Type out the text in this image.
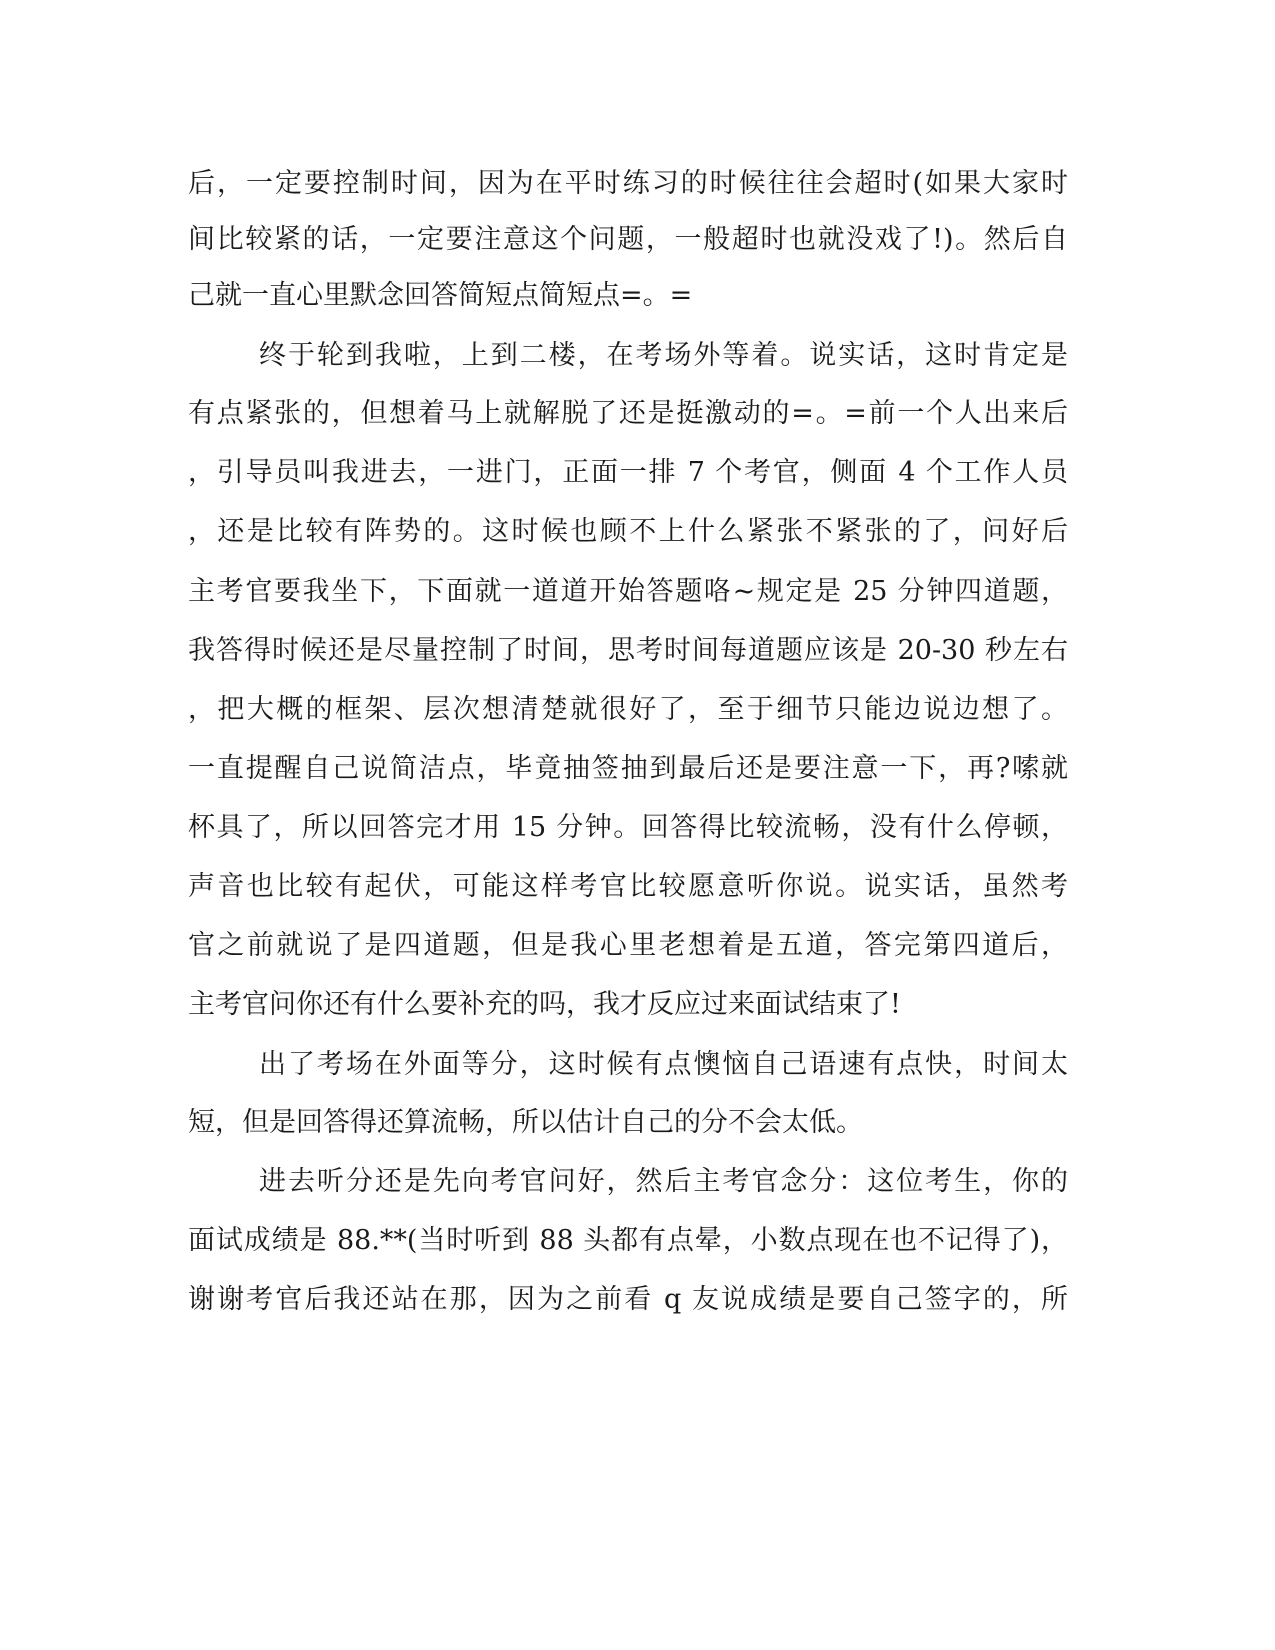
后，一定要控制时间，因为在平时练习的时候往往会超时(如果大家时
间比较紧的话，一定要注意这个问题，一般超时也就没戏了!)。然后自
己就一直心里默念回答简短点简短点=。=
终于轮到我啦，上到二楼，在考场外等着。说实话，这时肯定是
有点紧张的，但想着马上就解脱了还是挺激动的=。=前一个人出来后
，引导员叫我进去，一进门，正面一排 7 个考官，侧面 4 个工作人员
，还是比较有阵势的。这时候也顾不上什么紧张不紧张的了，问好后
主考官要我坐下，下面就一道道开始答题咯~规定是 25 分钟四道题，
我答得时候还是尽量控制了时间，思考时间每道题应该是 20-30 秒左右
，把大概的框架、层次想清楚就很好了，至于细节只能边说边想了。
一直提醒自己说简洁点，毕竟抽签抽到最后还是要注意一下，再?嗦就
杯具了，所以回答完才用 15 分钟。回答得比较流畅，没有什么停顿，
声音也比较有起伏，可能这样考官比较愿意听你说。说实话，虽然考
官之前就说了是四道题，但是我心里老想着是五道，答完第四道后，
主考官问你还有什么要补充的吗，我才反应过来面试结束了!
出了考场在外面等分，这时候有点懊恼自己语速有点快，时间太
短，但是回答得还算流畅，所以估计自己的分不会太低。
进去听分还是先向考官问好，然后主考官念分：这位考生，你的
面试成绩是 88.**(当时听到 88 头都有点晕，小数点现在也不记得了)，
谢谢考官后我还站在那，因为之前看 q 友说成绩是要自己签字的，所
